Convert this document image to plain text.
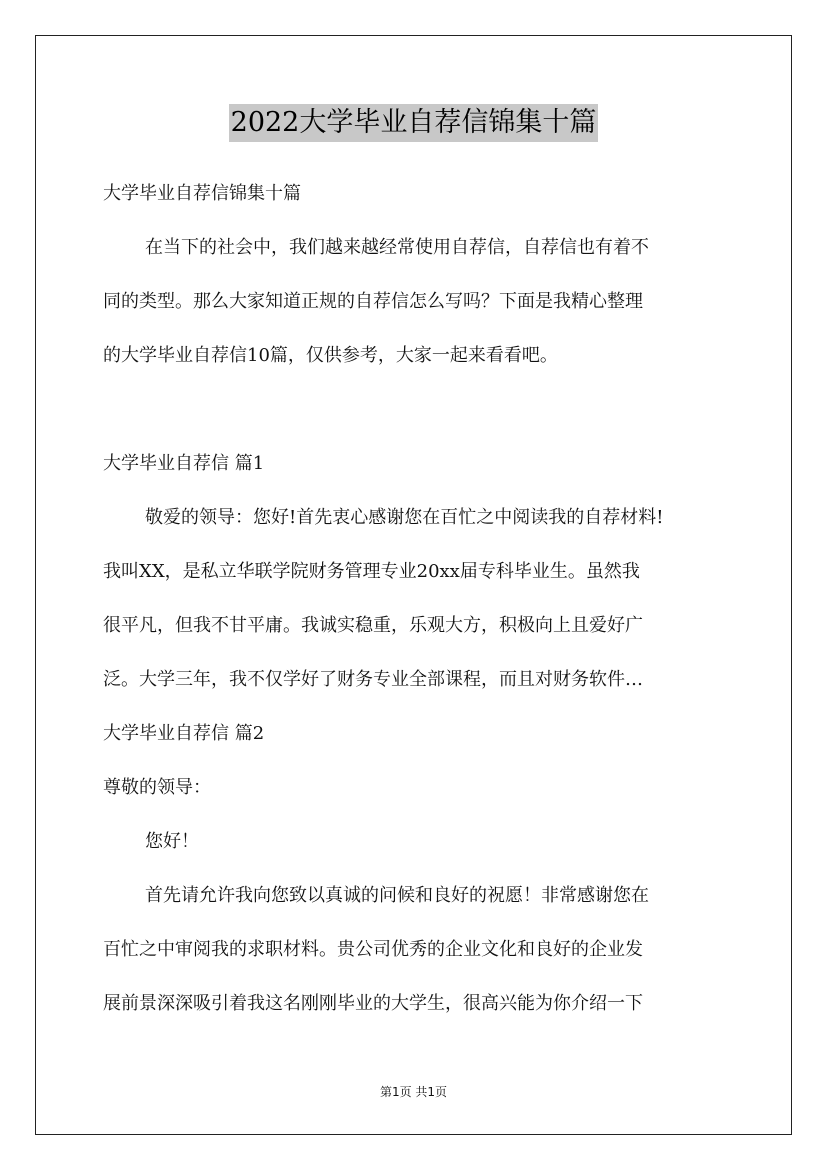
2022大学毕业自荐信锦集十篇
大学毕业自荐信锦集十篇
在当下的社会中，我们越来越经常使用自荐信，自荐信也有着不
同的类型。那么大家知道正规的自荐信怎么写吗？下面是我精心整理
的大学毕业自荐信10篇，仅供参考，大家一起来看看吧。
大学毕业自荐信 篇1
敬爱的领导：您好!首先衷心感谢您在百忙之中阅读我的自荐材料!
我叫XX，是私立华联学院财务管理专业20xx届专科毕业生。虽然我
很平凡，但我不甘平庸。我诚实稳重，乐观大方，积极向上且爱好广
泛。大学三年，我不仅学好了财务专业全部课程，而且对财务软件…
大学毕业自荐信 篇2
尊敬的领导：
您好！
首先请允许我向您致以真诚的问候和良好的祝愿！非常感谢您在
百忙之中审阅我的求职材料。贵公司优秀的企业文化和良好的企业发
展前景深深吸引着我这名刚刚毕业的大学生，很高兴能为你介绍一下
第1页 共1页
